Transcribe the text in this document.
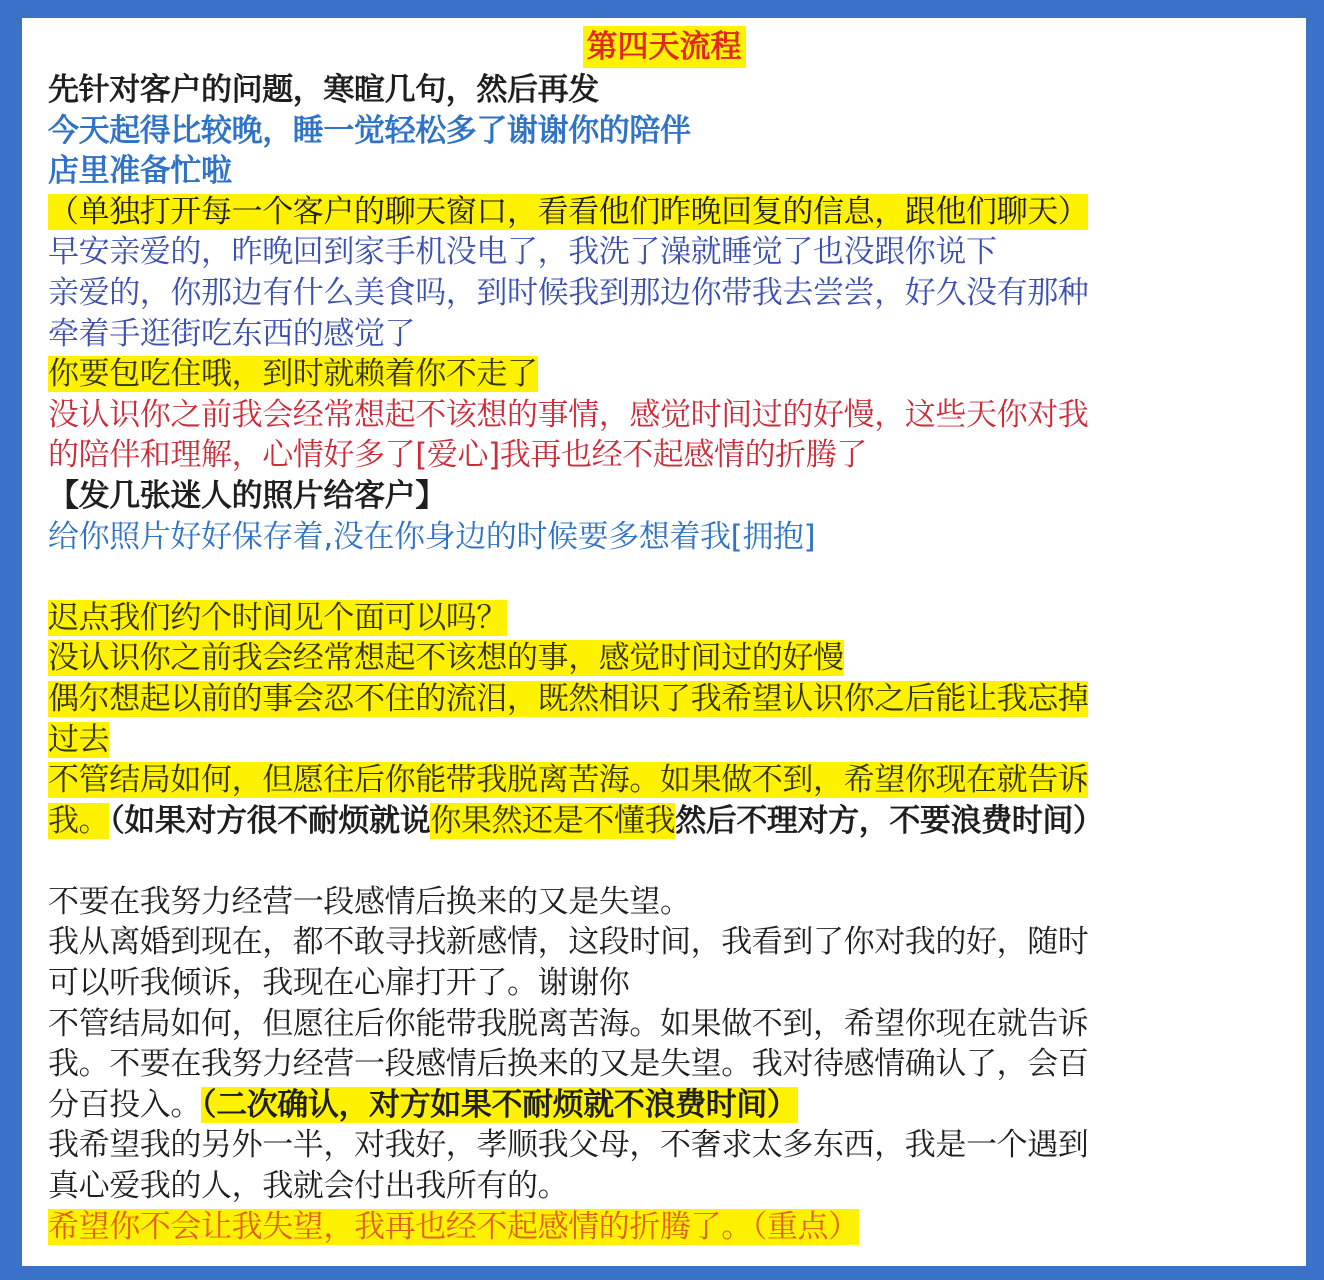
第四天流程
先针对客户的问题，寒暄几句，然后再发
今天起得比较晚，睡一觉轻松多了谢谢你的陪伴
店里准备忙啦
（单独打开每一个客户的聊天窗口，看看他们昨晚回复的信息，跟他们聊天）
早安亲爱的，昨晚回到家手机没电了，我洗了澡就睡觉了也没跟你说下
亲爱的，你那边有什么美食吗，到时候我到那边你带我去尝尝，好久没有那种
牵着手逛街吃东西的感觉了
你要包吃住哦，到时就赖着你不走了
没认识你之前我会经常想起不该想的事情，感觉时间过的好慢，这些天你对我
的陪伴和理解，心情好多了[爱心]我再也经不起感情的折腾了
【发几张迷人的照片给客户】
给你照片好好保存着,没在你身边的时候要多想着我[拥抱]
迟点我们约个时间见个面可以吗？
没认识你之前我会经常想起不该想的事，感觉时间过的好慢
偶尔想起以前的事会忍不住的流泪，既然相识了我希望认识你之后能让我忘掉
过去
不管结局如何，但愿往后你能带我脱离苦海。如果做不到，希望你现在就告诉
我。（如果对方很不耐烦就说你果然还是不懂我然后不理对方，不要浪费时间）
不要在我努力经营一段感情后换来的又是失望。
我从离婚到现在，都不敢寻找新感情，这段时间，我看到了你对我的好，随时
可以听我倾诉，我现在心扉打开了。谢谢你
不管结局如何，但愿往后你能带我脱离苦海。如果做不到，希望你现在就告诉
我。不要在我努力经营一段感情后换来的又是失望。我对待感情确认了，会百
分百投入。（二次确认，对方如果不耐烦就不浪费时间）
我希望我的另外一半，对我好，孝顺我父母，不奢求太多东西，我是一个遇到
真心爱我的人，我就会付出我所有的。
希望你不会让我失望，我再也经不起感情的折腾了。（重点）
